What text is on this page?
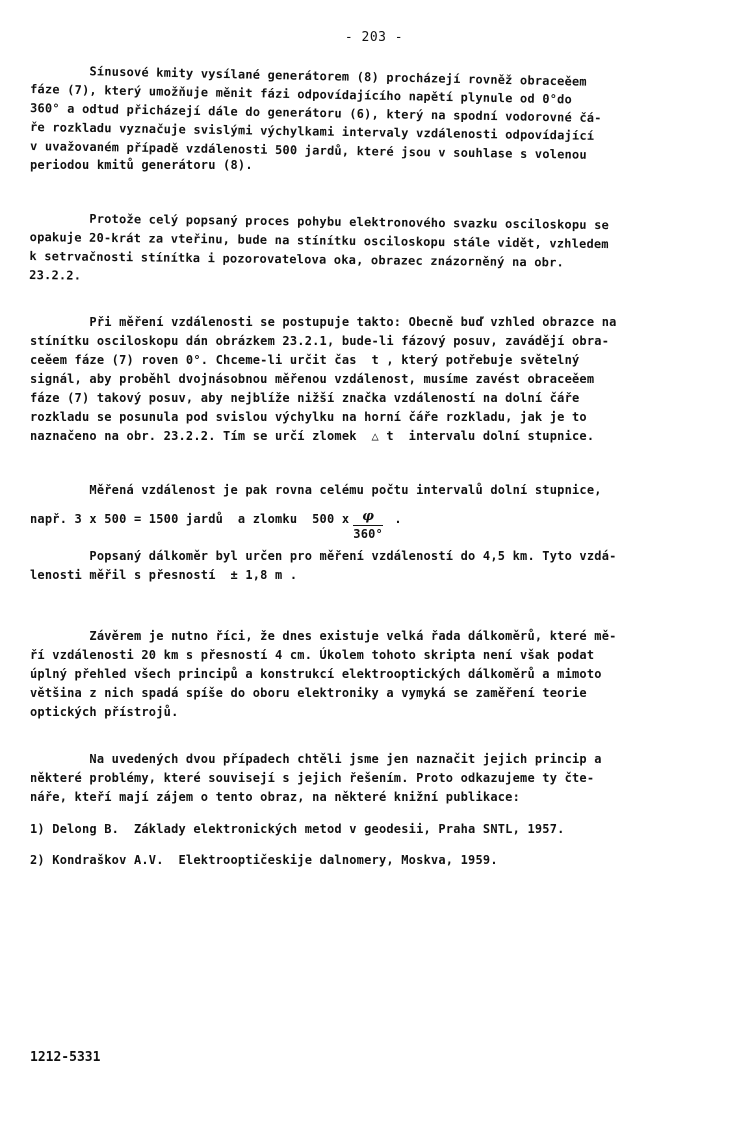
- 203 -
Sínusové kmity vysílané generátorem (8) procházejí rovněž obraceěem
fáze (7), který umožňuje měnit fázi odpovídajícího napětí plynule od 0°do
360° a odtud přicházejí dále do generátoru (6), který na spodní vodorovné čá-
ře rozkladu vyznačuje svislými výchylkami intervaly vzdálenosti odpovídající
v uvažovaném případě vzdálenosti 500 jardů, které jsou v souhlase s volenou
periodou kmitů generátoru (8).
Protože celý popsaný proces pohybu elektronového svazku osciloskopu se
opakuje 20-krát za vteřinu, bude na stínítku osciloskopu stále vidět, vzhledem
k setrvačnosti stínítka i pozorovatelova oka, obrazec znázorněný na obr.
23.2.2.
Při měření vzdálenosti se postupuje takto: Obecně buď vzhled obrazce na
stínítku osciloskopu dán obrázkem 23.2.1, bude-li fázový posuv, zavádějí obra-
ceěem fáze (7) roven 0°. Chceme-li určit čas  t , který potřebuje světelný
signál, aby proběhl dvojnásobnou měřenou vzdálenost, musíme zavést obraceěem
fáze (7) takový posuv, aby nejblíže nižší značka vzdáleností na dolní čáře
rozkladu se posunula pod svislou výchylku na horní čáře rozkladu, jak je to
naznačeno na obr. 23.2.2. Tím se určí zlomek  △ t  intervalu dolní stupnice.
Měřená vzdálenost je pak rovna celému počtu intervalů dolní stupnice,
např. 3 x 500 = 1500 jardů  a zlomku  500 x $\frac{\varphi}{360^\circ}$ .
Popsaný dálkoměr byl určen pro měření vzdáleností do 4,5 km. Tyto vzdá-
lenosti měřil s přesností  ± 1,8 m .
Závěrem je nutno říci, že dnes existuje velká řada dálkoměrů, které mě-
ří vzdálenosti 20 km s přesností 4 cm. Úkolem tohoto skripta není však podat
úplný přehled všech principů a konstrukcí elektrooptických dálkoměrů a mimoto
většina z nich spadá spíše do oboru elektroniky a vymyká se zaměření teorie
optických přístrojů.
Na uvedených dvou případech chtěli jsme jen naznačit jejich princip a
některé problémy, které souvisejí s jejich řešením. Proto odkazujeme ty čte-
náře, kteří mají zájem o tento obraz, na některé knižní publikace:
1) Delong B.  Základy elektronických metod v geodesii, Praha SNTL, 1957.
2) Kondraškov A.V.  Elektrooptičeskije dalnomery, Moskva, 1959.
1212-5331
